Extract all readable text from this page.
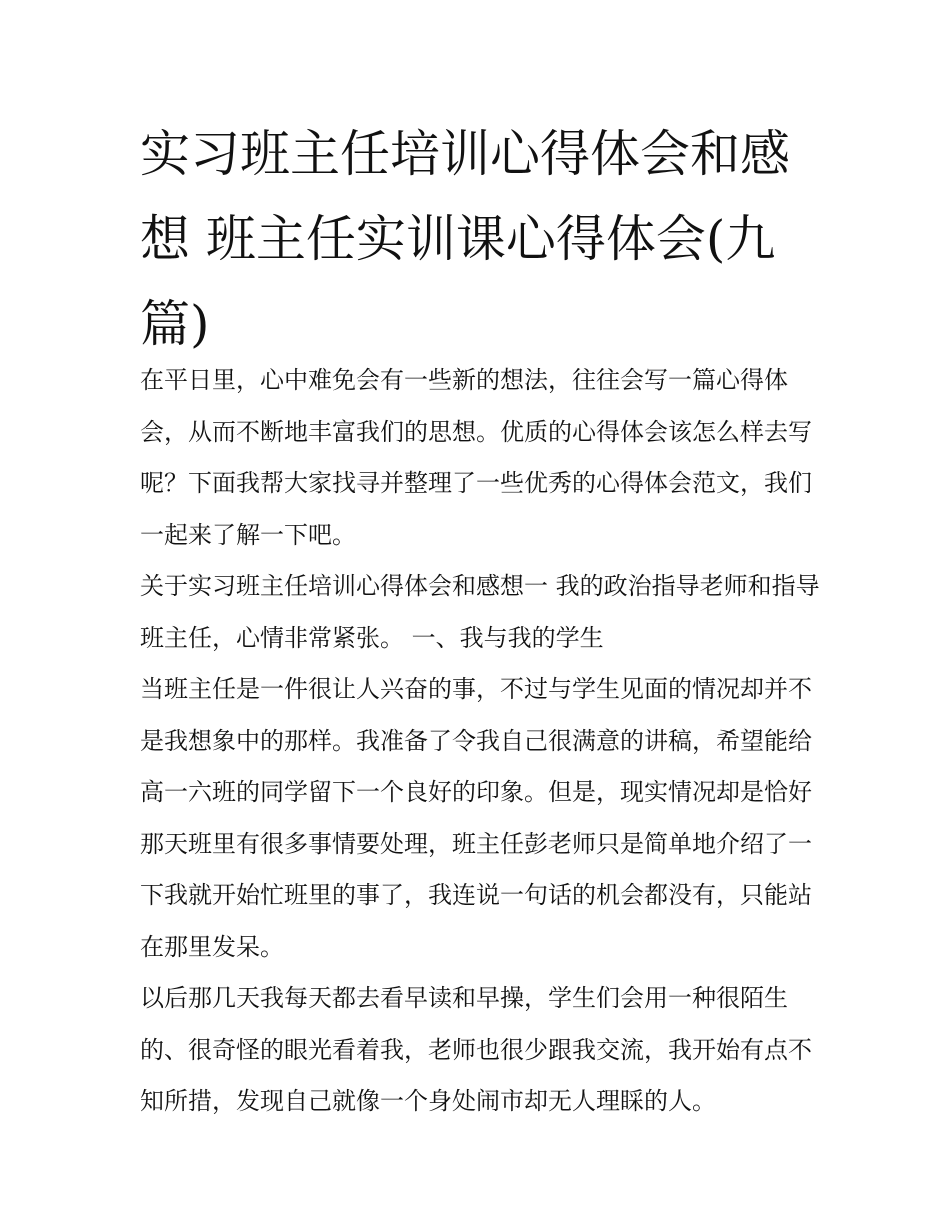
实习班主任培训心得体会和感想 班主任实训课心得体会(九篇)

在平日里，心中难免会有一些新的想法，往往会写一篇心得体会，从而不断地丰富我们的思想。优质的心得体会该怎么样去写呢？下面我帮大家找寻并整理了一些优秀的心得体会范文，我们一起来了解一下吧。

关于实习班主任培训心得体会和感想一 我的政治指导老师和指导班主任，心情非常紧张。 一、我与我的学生

当班主任是一件很让人兴奋的事，不过与学生见面的情况却并不是我想象中的那样。我准备了令我自己很满意的讲稿，希望能给高一六班的同学留下一个良好的印象。但是，现实情况却是恰好那天班里有很多事情要处理，班主任彭老师只是简单地介绍了一下我就开始忙班里的事了，我连说一句话的机会都没有，只能站在那里发呆。

以后那几天我每天都去看早读和早操，学生们会用一种很陌生的、很奇怪的眼光看着我，老师也很少跟我交流，我开始有点不知所措，发现自己就像一个身处闹市却无人理睬的人。
